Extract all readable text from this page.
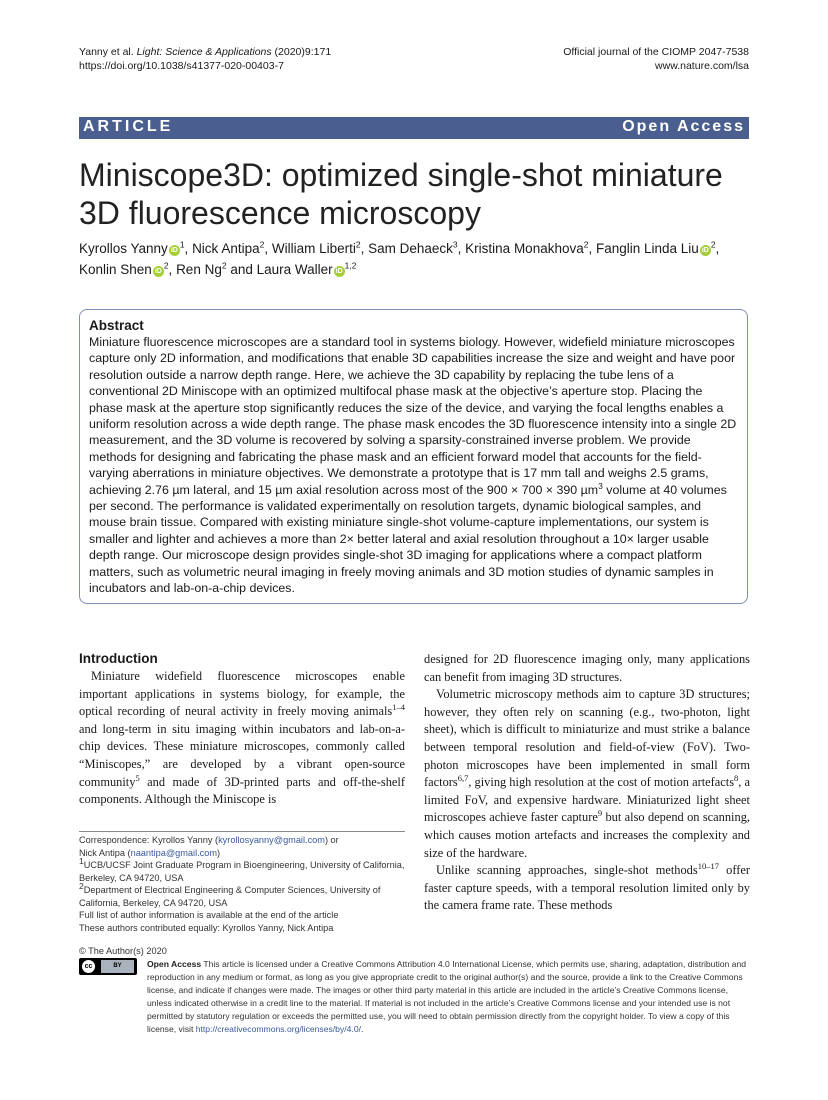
Yanny et al. Light: Science & Applications (2020)9:171
https://doi.org/10.1038/s41377-020-00403-7
Official journal of the CIOMP 2047-7538
www.nature.com/lsa
ARTICLE	Open Access
Miniscope3D: optimized single-shot miniature 3D fluorescence microscopy
Kyrollos Yanny $iD^1$, Nick Antipa$^2$, William Liberti$^2$, Sam Dehaeck$^3$, Kristina Monakhova$^2$, Fanglin Linda Liu $iD^2$, Konlin Shen $iD^2$, Ren Ng$^2$ and Laura Waller iD$^{1,2}$
Abstract

Miniature fluorescence microscopes are a standard tool in systems biology. However, widefield miniature microscopes capture only 2D information, and modifications that enable 3D capabilities increase the size and weight and have poor resolution outside a narrow depth range. Here, we achieve the 3D capability by replacing the tube lens of a conventional 2D Miniscope with an optimized multifocal phase mask at the objective’s aperture stop. Placing the phase mask at the aperture stop significantly reduces the size of the device, and varying the focal lengths enables a uniform resolution across a wide depth range. The phase mask encodes the 3D fluorescence intensity into a single 2D measurement, and the 3D volume is recovered by solving a sparsity-constrained inverse problem. We provide methods for designing and fabricating the phase mask and an efficient forward model that accounts for the field-varying aberrations in miniature objectives. We demonstrate a prototype that is 17 mm tall and weighs 2.5 grams, achieving 2.76 µm lateral, and 15 µm axial resolution across most of the 900 × 700 × 390 µm$^3$ volume at 40 volumes per second. The performance is validated experimentally on resolution targets, dynamic biological samples, and mouse brain tissue. Compared with existing miniature single-shot volume-capture implementations, our system is smaller and lighter and achieves a more than 2× better lateral and axial resolution throughout a 10× larger usable depth range. Our microscope design provides single-shot 3D imaging for applications where a compact platform matters, such as volumetric neural imaging in freely moving animals and 3D motion studies of dynamic samples in incubators and lab-on-a-chip devices.

Introduction

Miniature widefield fluorescence microscopes enable important applications in systems biology, for example, the optical recording of neural activity in freely moving animals$^{1-4}$ and long-term in situ imaging within incubators and lab-on-a-chip devices. These miniature microscopes, commonly called “Miniscopes,” are developed by a vibrant open-source community$^5$ and made of 3D-printed parts and off-the-shelf components. Although the Miniscope is

designed for 2D fluorescence imaging only, many applications can benefit from imaging 3D structures.

Volumetric microscopy methods aim to capture 3D structures; however, they often rely on scanning (e.g., two-photon, light sheet), which is difficult to miniaturize and must strike a balance between temporal resolution and field-of-view (FoV). Two-photon microscopes have been implemented in small form factors$^{6,7}$, giving high resolution at the cost of motion artefacts$^8$, a limited FoV, and expensive hardware. Miniaturized light sheet microscopes achieve faster capture$^9$ but also depend on scanning, which causes motion artefacts and increases the complexity and size of the hardware.

Unlike scanning approaches, single-shot methods$^{10-17}$ offer faster capture speeds, with a temporal resolution limited only by the camera frame rate. These methods

Correspondence: Kyrollos Yanny (kyrollosyanny@gmail.com) or
Nick Antipa (naantipa@gmail.com)
$^1$UCB/UCSF Joint Graduate Program in Bioengineering, University of California,
Berkeley, CA 94720, USA
$^2$Department of Electrical Engineering & Computer Sciences, University of
California, Berkeley, CA 94720, USA
Full list of author information is available at the end of the article
These authors contributed equally: Kyrollos Yanny, Nick Antipa
© The Author(s) 2020
cc	BY	Open Access This article is licensed under a Creative Commons Attribution 4.0 International License, which permits use, sharing, adaptation, distribution and reproduction in any medium or format, as long as you give appropriate credit to the original author(s) and the source, provide a link to the Creative Commons license, and indicate if changes were made. The images or other third party material in this article are included in the article’s Creative Commons license, unless indicated otherwise in a credit line to the material. If material is not included in the article’s Creative Commons license and your intended use is not permitted by statutory regulation or exceeds the permitted use, you will need to obtain permission directly from the copyright holder. To view a copy of this license, visit http://creativecommons.org/licenses/by/4.0/.
